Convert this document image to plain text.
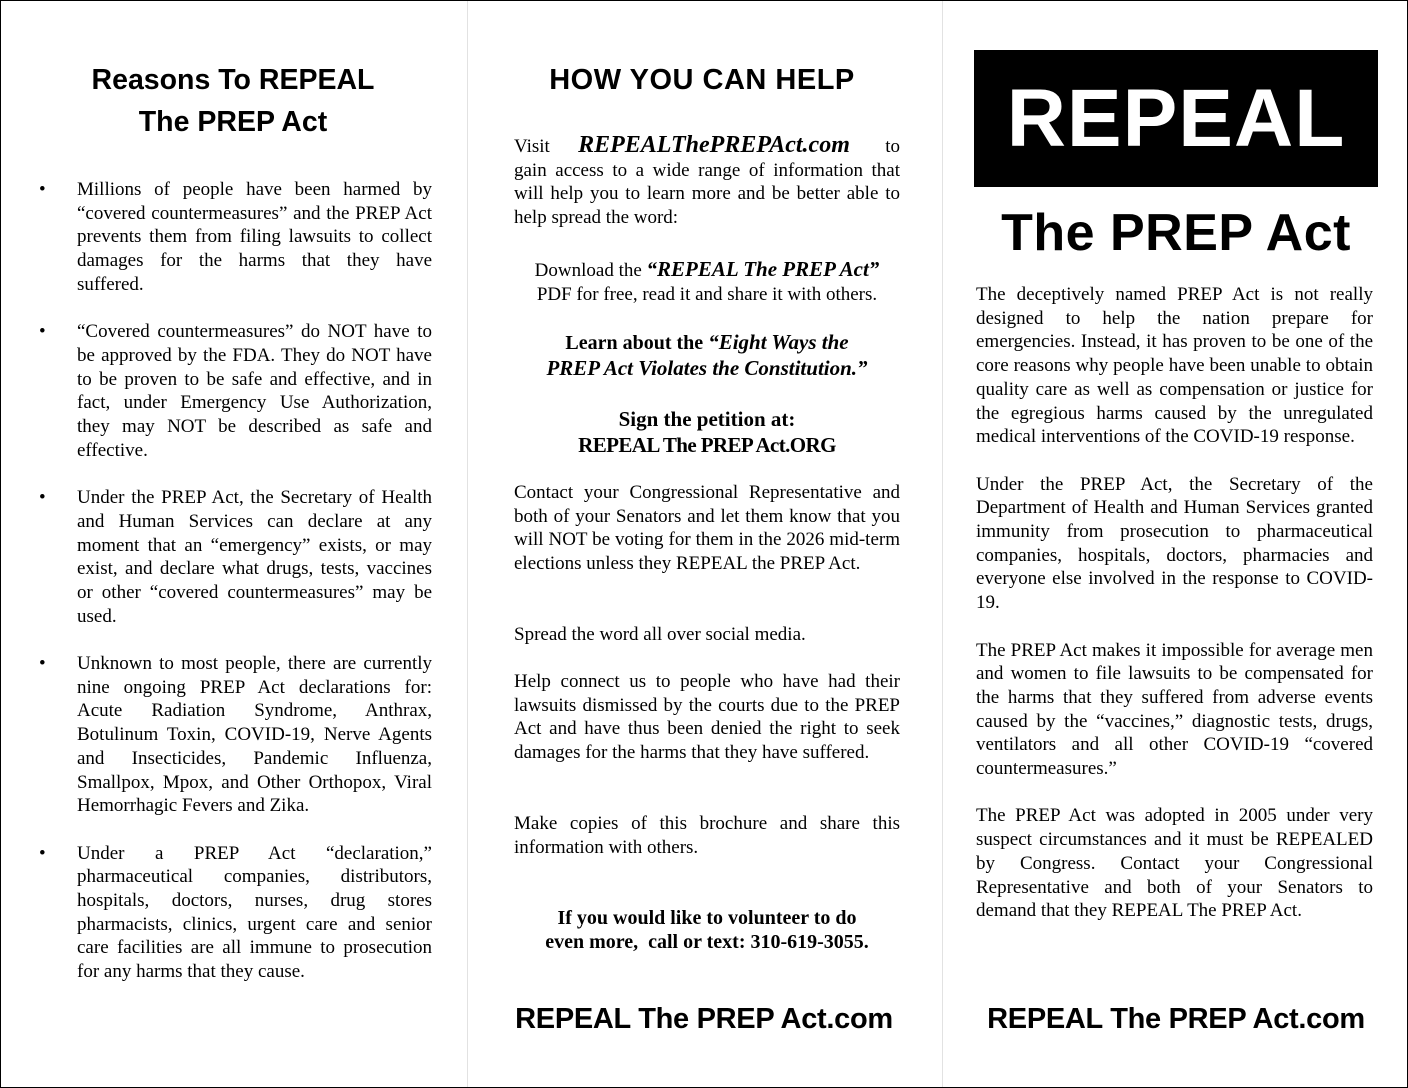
Reasons To REPEAL
The PREP Act
• Millions of people have been harmed by “covered countermeasures” and the PREP Act prevents them from filing lawsuits to collect damages for the harms that they have suffered.
• “Covered countermeasures” do NOT have to be approved by the FDA. They do NOT have to be proven to be safe and effective, and in fact, under Emergency Use Authorization, they may NOT be described as safe and effective.
• Under the PREP Act, the Secretary of Health and Human Services can declare at any moment that an “emergency” exists, or may exist, and declare what drugs, tests, vaccines or other “covered countermeasures” may be used.
• Unknown to most people, there are currently nine ongoing PREP Act declarations for: Acute Radiation Syndrome, Anthrax, Botulinum Toxin, COVID-19, Nerve Agents and Insecticides, Pandemic Influenza, Smallpox, Mpox, and Other Orthopox, Viral Hemorrhagic Fevers and Zika.
• Under a PREP Act “declaration,” pharmaceutical companies, distributors, hospitals, doctors, nurses, drug stores pharmacists, clinics, urgent care and senior care facilities are all immune to prosecution for any harms that they cause.
HOW YOU CAN HELP

Visit REPEALThePREPAct.com to gain access to a wide range of information that will help you to learn more and be better able to help spread the word:

Download the “REPEAL The PREP Act”
PDF for free, read it and share it with others.

Learn about the “Eight Ways the
PREP Act Violates the Constitution.”

Sign the petition at:
REPEAL The PREP Act.ORG

Contact your Congressional Representative and both of your Senators and let them know that you will NOT be voting for them in the 2026 mid-term elections unless they REPEAL the PREP Act.

Spread the word all over social media.

Help connect us to people who have had their lawsuits dismissed by the courts due to the PREP Act and have thus been denied the right to seek damages for the harms that they have suffered.

Make copies of this brochure and share this information with others.

If you would like to volunteer to do
even more,  call or text: 310-619-3055.

REPEAL The PREP Act.com
REPEAL
The PREP Act

The deceptively named PREP Act is not really designed to help the nation prepare for emergencies. Instead, it has proven to be one of the core reasons why people have been unable to obtain quality care as well as compensation or justice for the egregious harms caused by the unregulated medical interventions of the COVID-19 response.

Under the PREP Act, the Secretary of the Department of Health and Human Services granted immunity from prosecution to pharmaceutical companies, hospitals, doctors, pharmacies and everyone else involved in the response to COVID-19.

The PREP Act makes it impossible for average men and women to file lawsuits to be compensated for the harms that they suffered from adverse events caused by the “vaccines,” diagnostic tests, drugs, ventilators and all other COVID-19 “covered countermeasures.”

The PREP Act was adopted in 2005 under very suspect circumstances and it must be REPEALED by Congress. Contact your Congressional Representative and both of your Senators to demand that they REPEAL The PREP Act.

REPEAL The PREP Act.com
